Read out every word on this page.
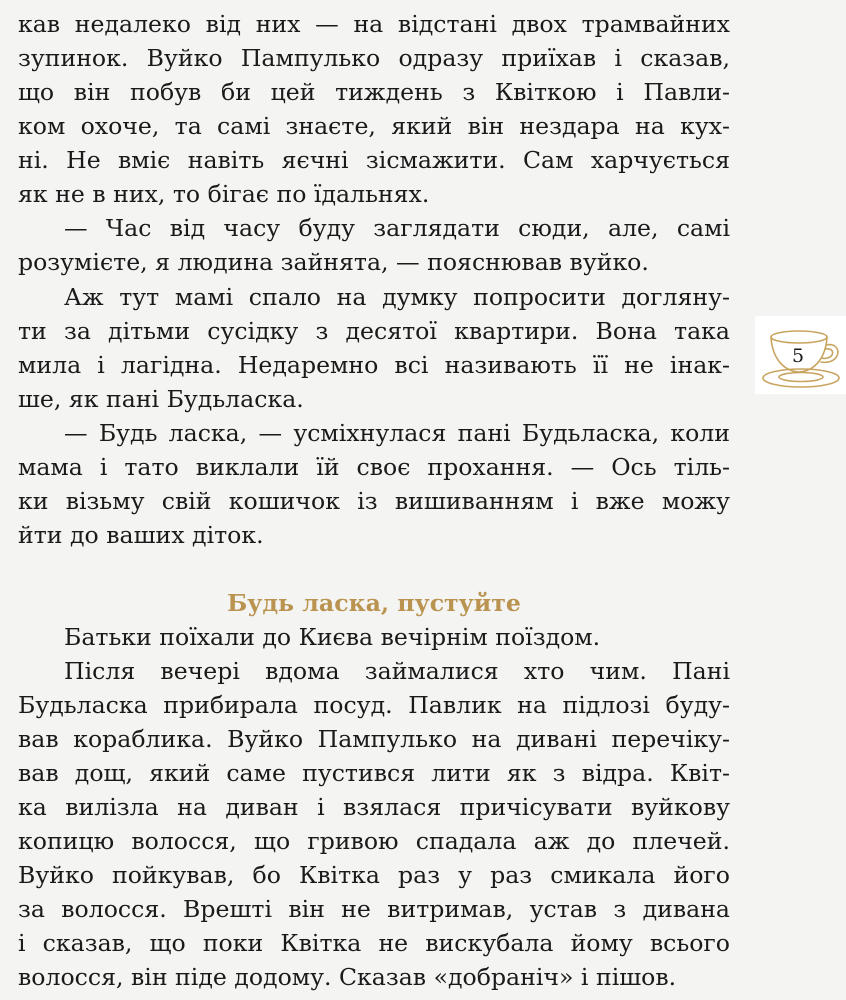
кав недалеко від них — на відстані двох трамвайних
зупинок. Вуйко Пампулько одразу приїхав і сказав,
що він побув би цей тиждень з Квіткою і Павли-
ком охоче, та самі знаєте, який він нездара на кух-
ні. Не вміє навіть яєчні зісмажити. Сам харчується
як не в них, то бігає по їдальнях.
— Час від часу буду заглядати сюди, але, самі
розумієте, я людина зайнята, — пояснював вуйко.
Аж тут мамі спало на думку попросити догляну-
ти за дітьми сусідку з десятої квартири. Вона така
мила і лагідна. Недаремно всі називають її не інак-
ше, як пані Будьласка.
— Будь ласка, — усміхнулася пані Будьласка, коли
мама і тато виклали їй своє прохання. — Ось тіль-
ки візьму свій кошичок із вишиванням і вже можу
йти до ваших діток.
Будь ласка, пустуйте
Батьки поїхали до Києва вечірнім поїздом.
Після вечері вдома займалися хто чим. Пані
Будьласка прибирала посуд. Павлик на підлозі буду-
вав кораблика. Вуйко Пампулько на дивані перечіку-
вав дощ, який саме пустився лити як з відра. Квіт-
ка вилізла на диван і взялася причісувати вуйкову
копицю волосся, що гривою спадала аж до плечей.
Вуйко пойкував, бо Квітка раз у раз смикала його
за волосся. Врешті він не витримав, устав з дивана
і сказав, що поки Квітка не вискубала йому всього
волосся, він піде додому. Сказав «добраніч» і пішов.
5
